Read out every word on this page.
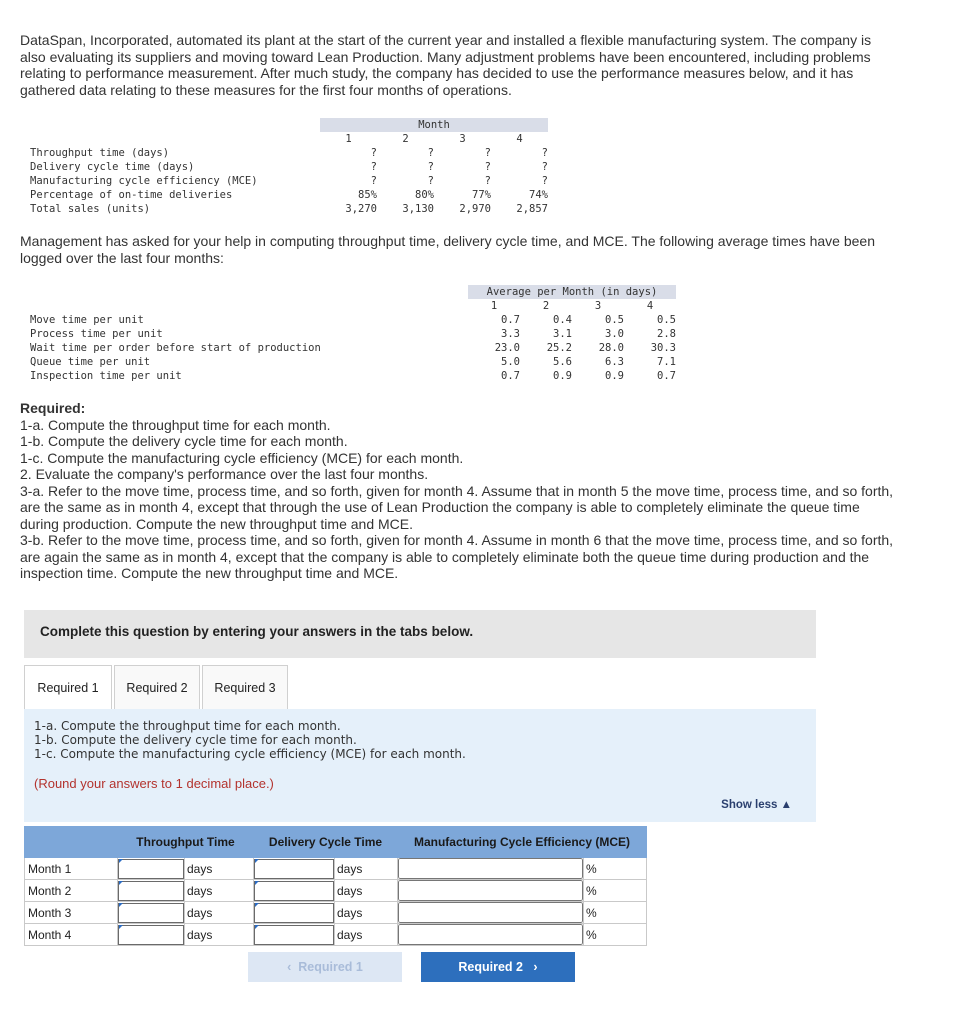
DataSpan, Incorporated, automated its plant at the start of the current year and installed a flexible manufacturing system. The company is also evaluating its suppliers and moving toward Lean Production. Many adjustment problems have been encountered, including problems relating to performance measurement. After much study, the company has decided to use the performance measures below, and it has gathered data relating to these measures for the first four months of operations.
	Month			
	1	2	3	4
Throughput time (days)	?	?	?	?
Delivery cycle time (days)	?	?	?	?
Manufacturing cycle efficiency (MCE)	?	?	?	?
Percentage of on-time deliveries	85%	80%	77%	74%
Total sales (units)	3,270	3,130	2,970	2,857
Management has asked for your help in computing throughput time, delivery cycle time, and MCE. The following average times have been logged over the last four months:
	Average per Month (in days)			
	1	2	3	4
Move time per unit	0.7	0.4	0.5	0.5
Process time per unit	3.3	3.1	3.0	2.8
Wait time per order before start of production	23.0	25.2	28.0	30.3
Queue time per unit	5.0	5.6	6.3	7.1
Inspection time per unit	0.7	0.9	0.9	0.7
Required:
1-a. Compute the throughput time for each month.
1-b. Compute the delivery cycle time for each month.
1-c. Compute the manufacturing cycle efficiency (MCE) for each month.
2. Evaluate the company's performance over the last four months.
3-a. Refer to the move time, process time, and so forth, given for month 4. Assume that in month 5 the move time, process time, and so forth, are the same as in month 4, except that through the use of Lean Production the company is able to completely eliminate the queue time during production. Compute the new throughput time and MCE.
3-b. Refer to the move time, process time, and so forth, given for month 4. Assume in month 6 that the move time, process time, and so forth, are again the same as in month 4, except that the company is able to completely eliminate both the queue time during production and the inspection time. Compute the new throughput time and MCE.
Complete this question by entering your answers in the tabs below.
Required 1	Required 2	Required 3
1-a. Compute the throughput time for each month.
1-b. Compute the delivery cycle time for each month.
1-c. Compute the manufacturing cycle efficiency (MCE) for each month.
(Round your answers to 1 decimal place.)
Show less ▲
	Throughput Time		Delivery Cycle Time		Manufacturing Cycle Efficiency (MCE)	
Month 1		days		days		%
Month 2		days		days		%
Month 3		days		days		%
Month 4		days		days		%
‹ Required 1	Required 2 ›
